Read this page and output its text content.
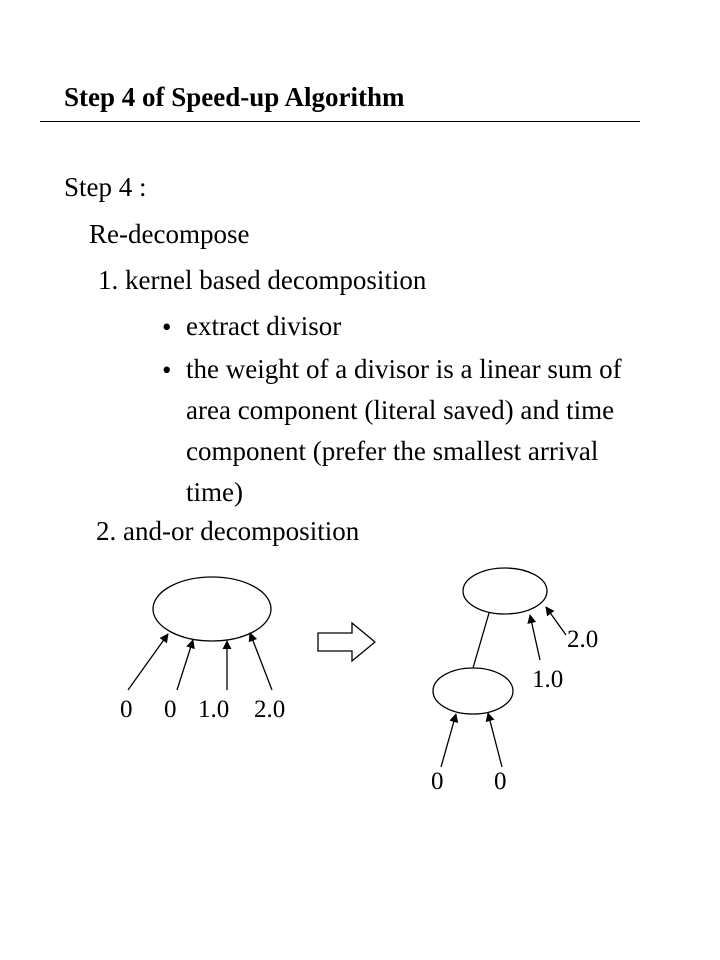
Step 4 of Speed-up Algorithm
Step 4 :
Re-decompose
1. kernel based decomposition
• extract divisor
• the weight of a divisor is a linear sum of area component (literal saved) and time component (prefer the smallest arrival time)
2. and-or decomposition
0 0 1.0 2.0
1.0
2.0
0 0
